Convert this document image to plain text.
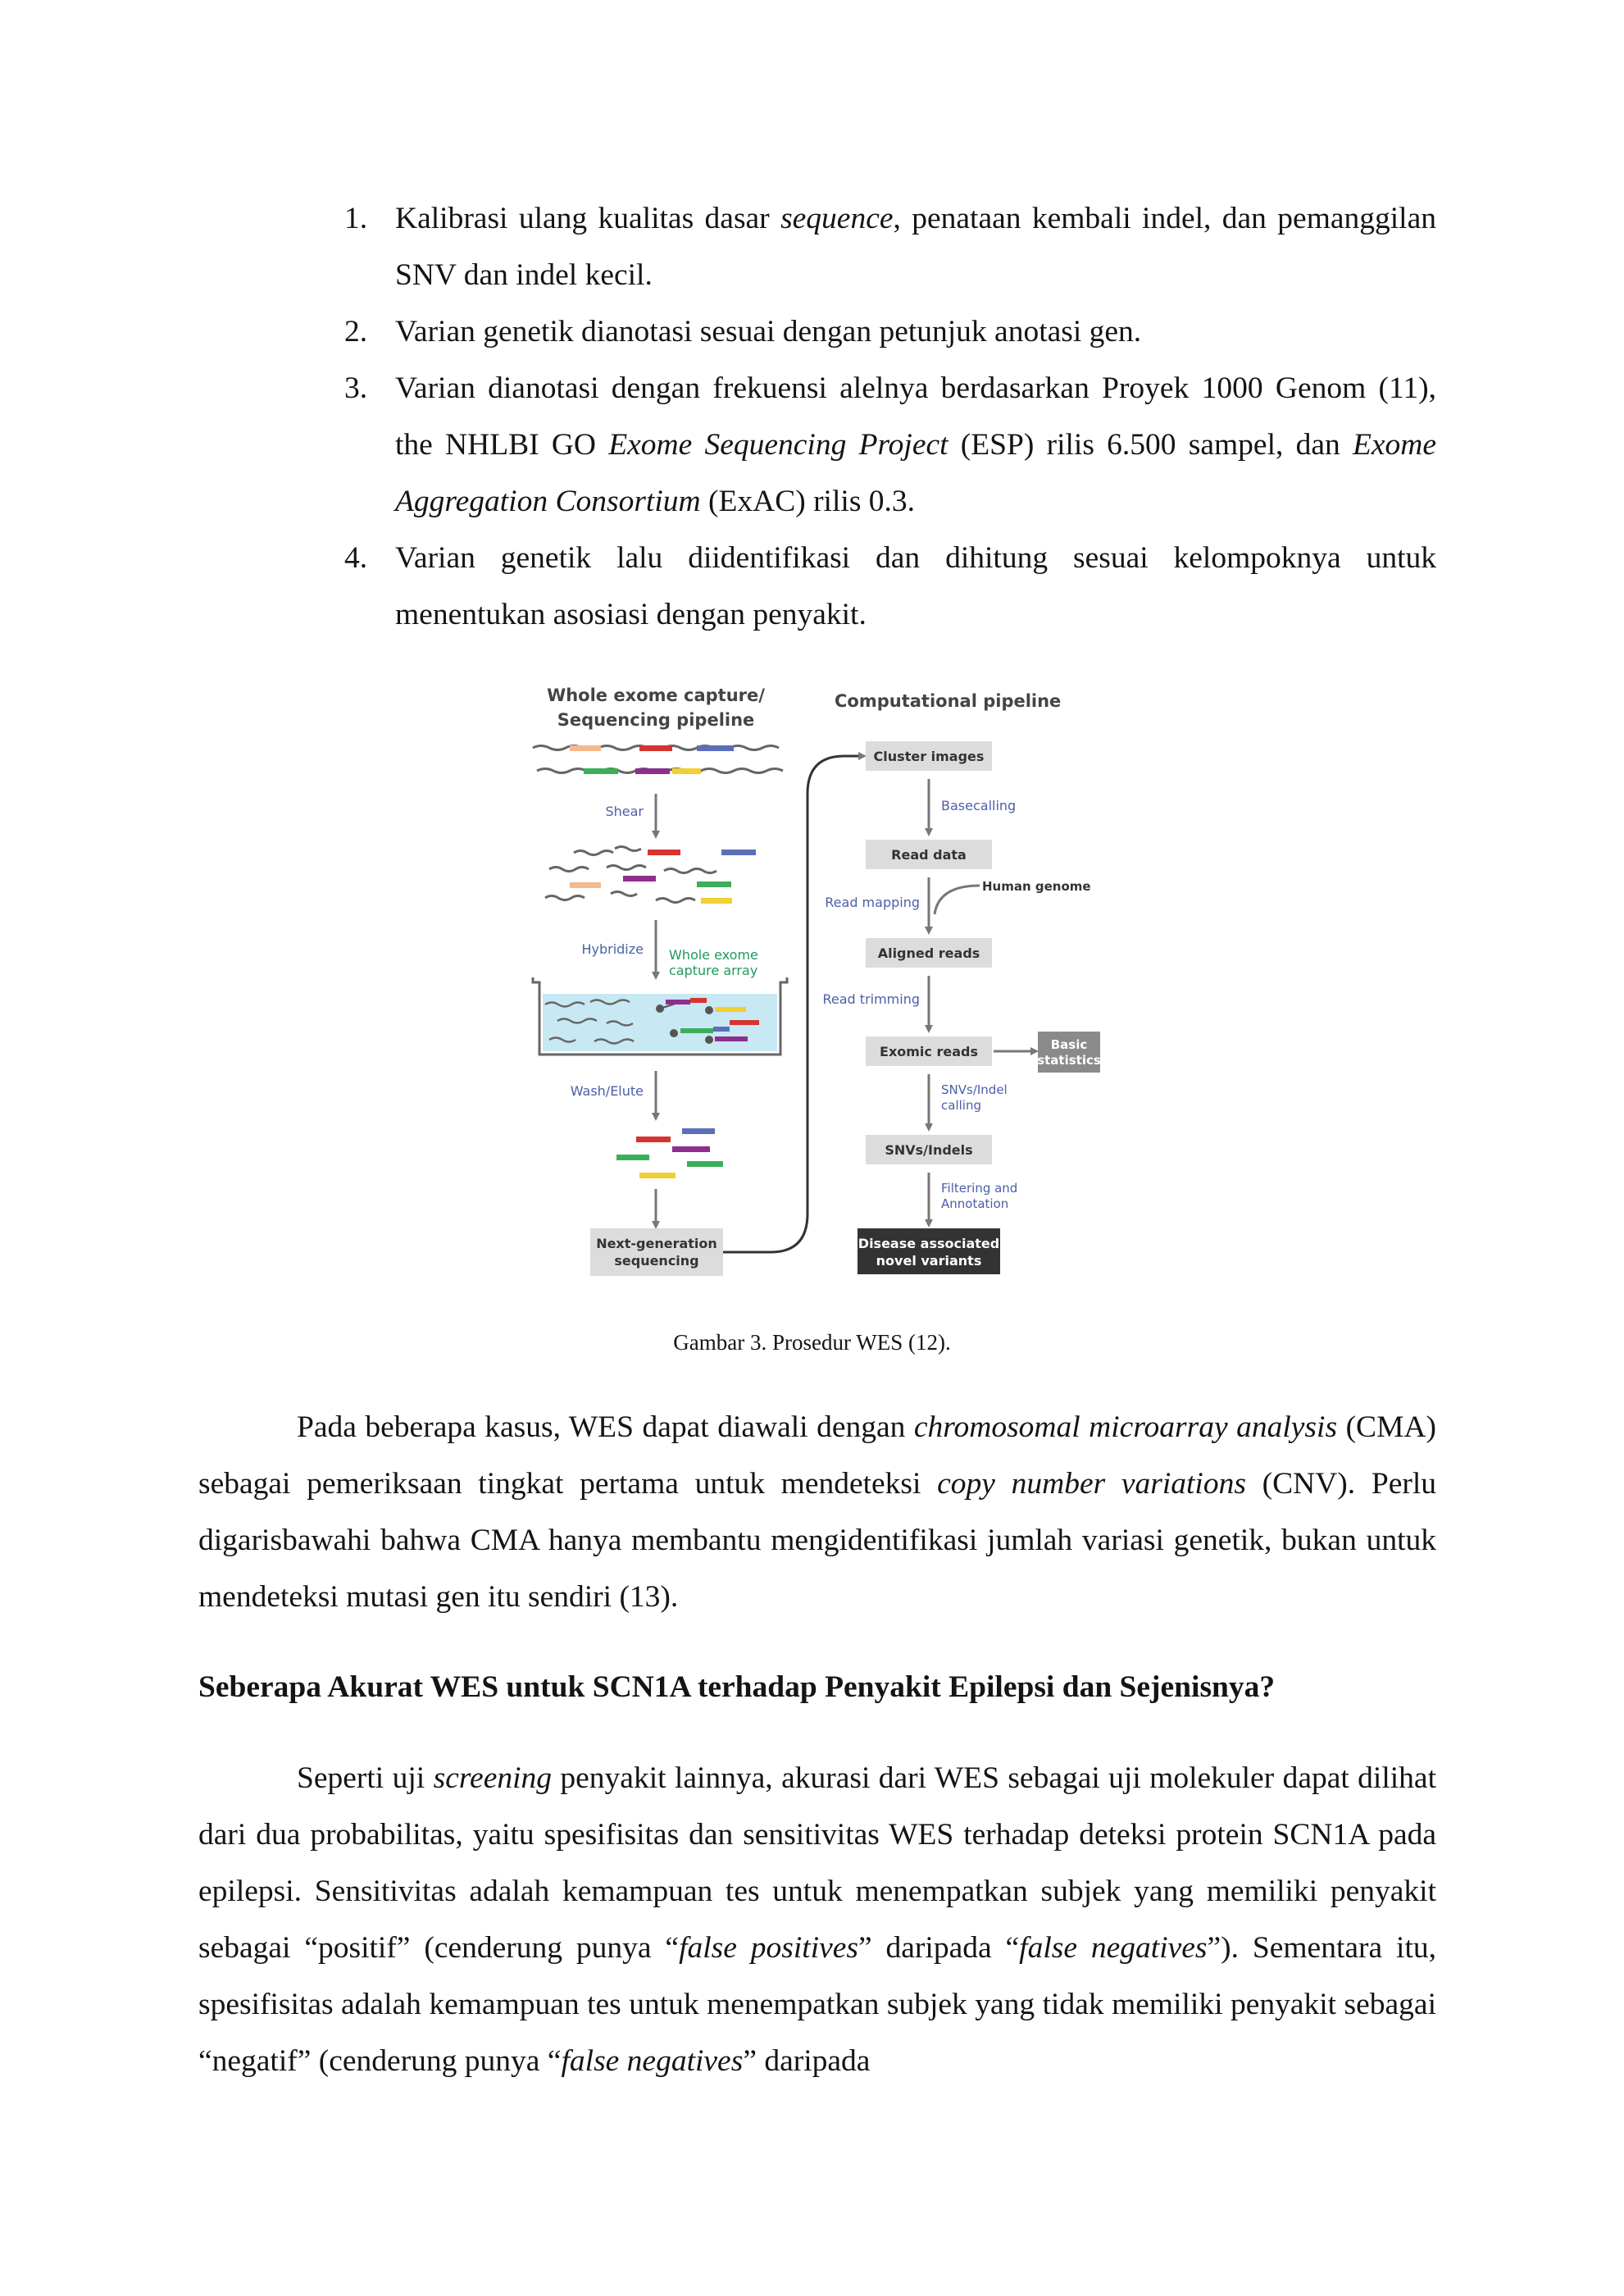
1. Kalibrasi ulang kualitas dasar sequence, penataan kembali indel, dan pemanggilan SNV dan indel kecil.
2. Varian genetik dianotasi sesuai dengan petunjuk anotasi gen.
3. Varian dianotasi dengan frekuensi alelnya berdasarkan Proyek 1000 Genom (11), the NHLBI GO Exome Sequencing Project (ESP) rilis 6.500 sampel, dan Exome Aggregation Consortium (ExAC) rilis 0.3.
4. Varian genetik lalu diidentifikasi dan dihitung sesuai kelompoknya untuk menentukan asosiasi dengan penyakit.
Whole exome capture/
Sequencing pipeline
Computational pipeline
Shear
Hybridize Whole exome
capture array
Wash/Elute
Next-generation
sequencing
Cluster images
Basecalling
Read data
Human genome
Read mapping
Aligned reads
Read trimming
Exomic reads	Basic
statistics
SNVs/Indel
calling
SNVs/Indels
Filtering and
Annotation
Disease associated
novel variants
Gambar 3. Prosedur WES (12).

Pada beberapa kasus, WES dapat diawali dengan chromosomal microarray analysis (CMA) sebagai pemeriksaan tingkat pertama untuk mendeteksi copy number variations (CNV). Perlu digarisbawahi bahwa CMA hanya membantu mengidentifikasi jumlah variasi genetik, bukan untuk mendeteksi mutasi gen itu sendiri (13).

Seberapa Akurat WES untuk SCN1A terhadap Penyakit Epilepsi dan Sejenisnya?

Seperti uji screening penyakit lainnya, akurasi dari WES sebagai uji molekuler dapat dilihat dari dua probabilitas, yaitu spesifisitas dan sensitivitas WES terhadap deteksi protein SCN1A pada epilepsi. Sensitivitas adalah kemampuan tes untuk menempatkan subjek yang memiliki penyakit sebagai “positif” (cenderung punya “false positives” daripada “false negatives”). Sementara itu, spesifisitas adalah kemampuan tes untuk menempatkan subjek yang tidak memiliki penyakit sebagai “negatif” (cenderung punya “false negatives” daripada
